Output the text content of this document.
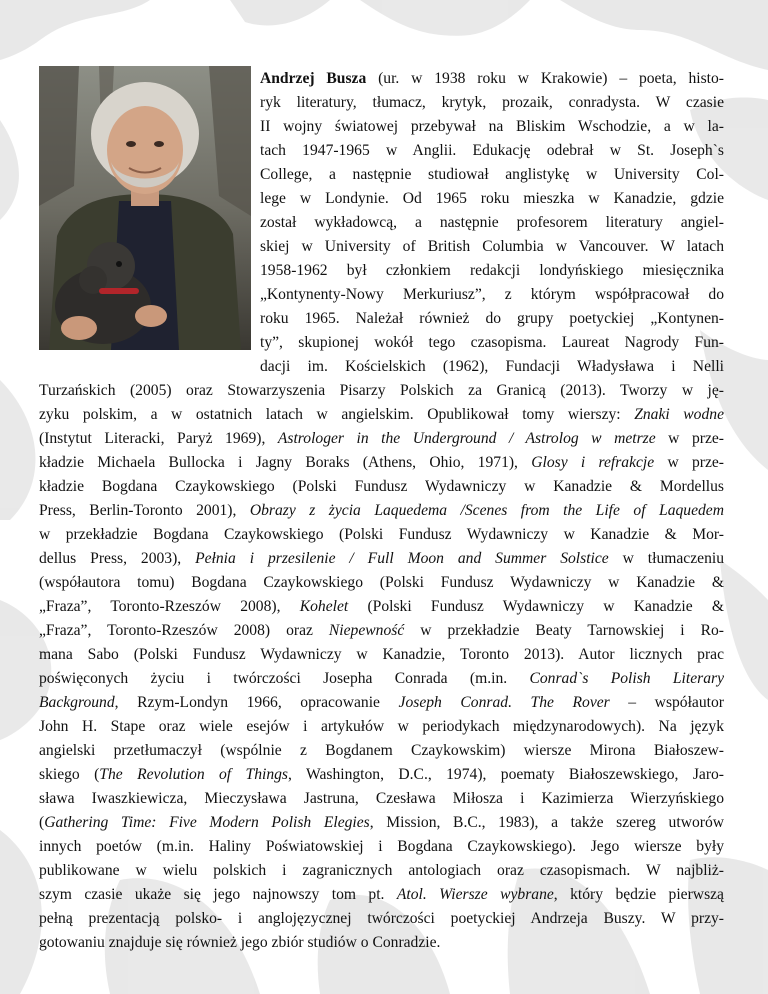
Andrzej Busza (ur. w 1938 roku w Krakowie) – poeta, histo-
ryk literatury, tłumacz, krytyk, prozaik, conradysta. W czasie
II wojny światowej przebywał na Bliskim Wschodzie, a w la-
tach 1947-1965 w Anglii. Edukację odebrał w St. Joseph`s
College, a następnie studiował anglistykę w University Col-
lege w Londynie. Od 1965 roku mieszka w Kanadzie, gdzie
został wykładowcą, a następnie profesorem literatury angiel-
skiej w University of British Columbia w Vancouver. W latach
1958-1962 był członkiem redakcji londyńskiego miesięcznika
„Kontynenty-Nowy Merkuriusz”, z którym współpracował do
roku 1965. Należał również do grupy poetyckiej „Kontynen-
ty”, skupionej wokół tego czasopisma. Laureat Nagrody Fun-
dacji im. Kościelskich (1962), Fundacji Władysława i Nelli
Turzańskich (2005) oraz Stowarzyszenia Pisarzy Polskich za Granicą (2013). Tworzy w ję-
zyku polskim, a w ostatnich latach w angielskim. Opublikował tomy wierszy: Znaki wodne
(Instytut Literacki, Paryż 1969), Astrologer in the Underground / Astrolog w metrze w prze-
kładzie Michaela Bullocka i Jagny Boraks (Athens, Ohio, 1971), Glosy i refrakcje w prze-
kładzie Bogdana Czaykowskiego (Polski Fundusz Wydawniczy w Kanadzie & Mordellus
Press, Berlin-Toronto 2001), Obrazy z życia Laquedema /Scenes from the Life of Laquedem
w przekładzie Bogdana Czaykowskiego (Polski Fundusz Wydawniczy w Kanadzie & Mor-
dellus Press, 2003), Pełnia i przesilenie / Full Moon and Summer Solstice w tłumaczeniu
(współautora tomu) Bogdana Czaykowskiego (Polski Fundusz Wydawniczy w Kanadzie &
„Fraza”, Toronto-Rzeszów 2008), Kohelet (Polski Fundusz Wydawniczy w Kanadzie &
„Fraza”, Toronto-Rzeszów 2008) oraz Niepewność w przekładzie Beaty Tarnowskiej i Ro-
mana Sabo (Polski Fundusz Wydawniczy w Kanadzie, Toronto 2013). Autor licznych prac
poświęconych życiu i twórczości Josepha Conrada (m.in. Conrad`s Polish Literary
Background, Rzym-Londyn 1966, opracowanie Joseph Conrad. The Rover – współautor
John H. Stape oraz wiele esejów i artykułów w periodykach międzynarodowych). Na język
angielski przetłumaczył (wspólnie z Bogdanem Czaykowskim) wiersze Mirona Białoszew-
skiego (The Revolution of Things, Washington, D.C., 1974), poematy Białoszewskiego, Jaro-
sława Iwaszkiewicza, Mieczysława Jastruna, Czesława Miłosza i Kazimierza Wierzyńskiego
(Gathering Time: Five Modern Polish Elegies, Mission, B.C., 1983), a także szereg utworów
innych poetów (m.in. Haliny Poświatowskiej i Bogdana Czaykowskiego). Jego wiersze były
publikowane w wielu polskich i zagranicznych antologiach oraz czasopismach. W najbliż-
szym czasie ukaże się jego najnowszy tom pt. Atol. Wiersze wybrane, który będzie pierwszą
pełną prezentacją polsko- i anglojęzycznej twórczości poetyckiej Andrzeja Buszy. W przy-
gotowaniu znajduje się również jego zbiór studiów o Conradzie.
